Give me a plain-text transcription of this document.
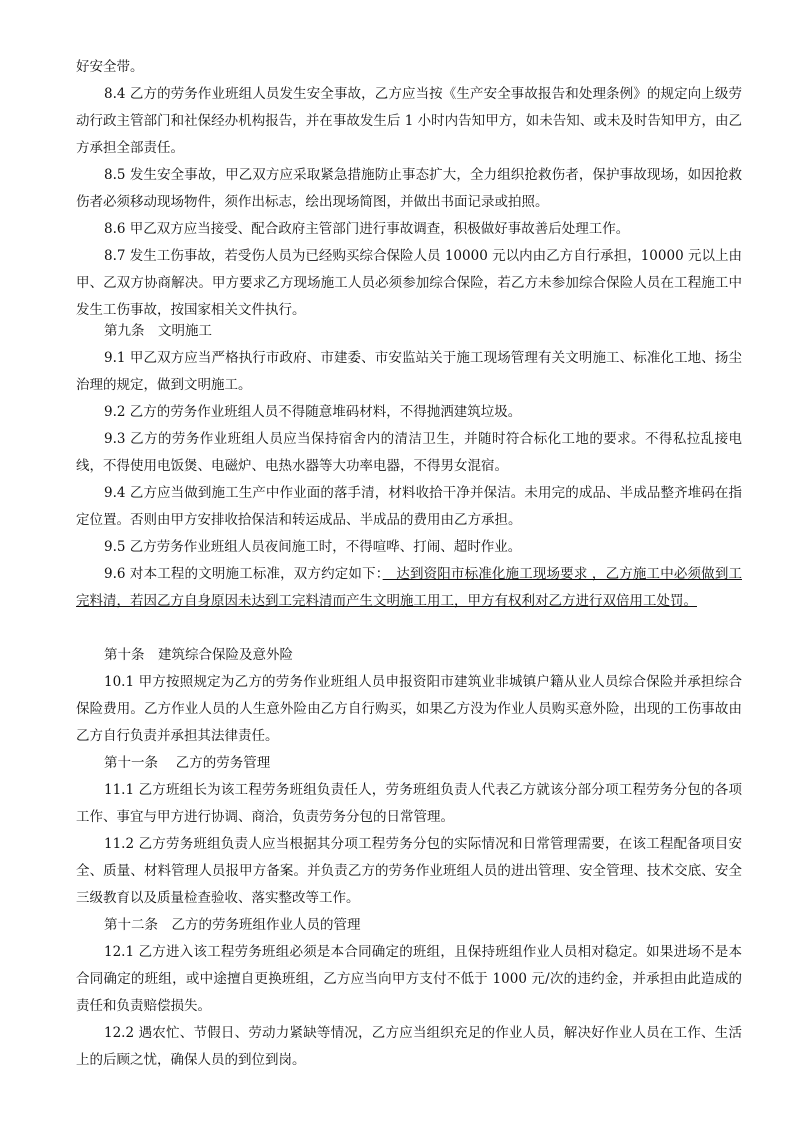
好安全带。

8.4 乙方的劳务作业班组人员发生安全事故，乙方应当按《生产安全事故报告和处理条例》的规定向上级劳动行政主管部门和社保经办机构报告，并在事故发生后 1 小时内告知甲方，如未告知、或未及时告知甲方，由乙方承担全部责任。

8.5 发生安全事故，甲乙双方应采取紧急措施防止事态扩大，全力组织抢救伤者，保护事故现场，如因抢救伤者必须移动现场物件，须作出标志，绘出现场简图，并做出书面记录或拍照。

8.6 甲乙双方应当接受、配合政府主管部门进行事故调查，积极做好事故善后处理工作。

8.7 发生工伤事故，若受伤人员为已经购买综合保险人员 10000 元以内由乙方自行承担，10000 元以上由甲、乙双方协商解决。甲方要求乙方现场施工人员必须参加综合保险，若乙方未参加综合保险人员在工程施工中发生工伤事故，按国家相关文件执行。

第九条　文明施工

9.1 甲乙双方应当严格执行市政府、市建委、市安监站关于施工现场管理有关文明施工、标准化工地、扬尘治理的规定，做到文明施工。

9.2 乙方的劳务作业班组人员不得随意堆码材料，不得抛洒建筑垃圾。

9.3 乙方的劳务作业班组人员应当保持宿舍内的清洁卫生，并随时符合标化工地的要求。不得私拉乱接电线，不得使用电饭煲、电磁炉、电热水器等大功率电器，不得男女混宿。

9.4 乙方应当做到施工生产中作业面的落手清，材料收拾干净并保洁。未用完的成品、半成品整齐堆码在指定位置。否则由甲方安排收拾保洁和转运成品、半成品的费用由乙方承担。

9.5 乙方劳务作业班组人员夜间施工时，不得喧哗、打闹、超时作业。

9.6 对本工程的文明施工标准，双方约定如下：　达到资阳市标准化施工现场要求 ，乙方施工中必须做到工完料清，若因乙方自身原因未达到工完料清而产生文明施工用工，甲方有权利对乙方进行双倍用工处罚。

第十条　建筑综合保险及意外险

10.1 甲方按照规定为乙方的劳务作业班组人员申报资阳市建筑业非城镇户籍从业人员综合保险并承担综合保险费用。乙方作业人员的人生意外险由乙方自行购买，如果乙方没为作业人员购买意外险，出现的工伤事故由乙方自行负责并承担其法律责任。

第十一条　 乙方的劳务管理

11.1 乙方班组长为该工程劳务班组负责任人，劳务班组负责人代表乙方就该分部分项工程劳务分包的各项工作、事宜与甲方进行协调、商洽，负责劳务分包的日常管理。

11.2 乙方劳务班组负责人应当根据其分项工程劳务分包的实际情况和日常管理需要，在该工程配备项目安全、质量、材料管理人员报甲方备案。并负责乙方的劳务作业班组人员的进出管理、安全管理、技术交底、安全三级教育以及质量检查验收、落实整改等工作。

第十二条　乙方的劳务班组作业人员的管理

12.1 乙方进入该工程劳务班组必须是本合同确定的班组，且保持班组作业人员相对稳定。如果进场不是本合同确定的班组，或中途擅自更换班组，乙方应当向甲方支付不低于 1000 元/次的违约金，并承担由此造成的责任和负责赔偿损失。

12.2 遇农忙、节假日、劳动力紧缺等情况，乙方应当组织充足的作业人员，解决好作业人员在工作、生活上的后顾之忧，确保人员的到位到岗。
